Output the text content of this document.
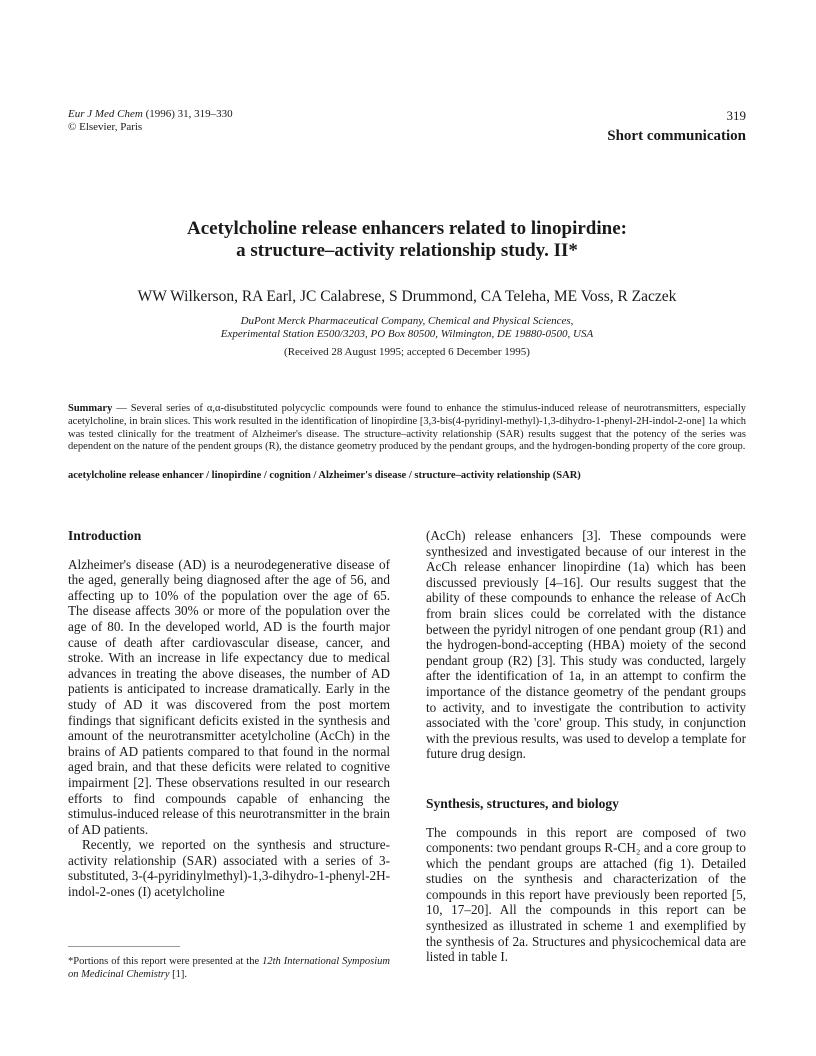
Eur J Med Chem (1996) 31, 319–330
© Elsevier, Paris
319
Short communication
Acetylcholine release enhancers related to linopirdine:
a structure–activity relationship study. II*
WW Wilkerson, RA Earl, JC Calabrese, S Drummond, CA Teleha, ME Voss, R Zaczek
DuPont Merck Pharmaceutical Company, Chemical and Physical Sciences,
Experimental Station E500/3203, PO Box 80500, Wilmington, DE 19880-0500, USA
(Received 28 August 1995; accepted 6 December 1995)
Summary — Several series of α,α-disubstituted polycyclic compounds were found to enhance the stimulus-induced release of neurotransmitters, especially acetylcholine, in brain slices. This work resulted in the identification of linopirdine [3,3-bis(4-pyridinyl-methyl)-1,3-dihydro-1-phenyl-2H-indol-2-one] 1a which was tested clinically for the treatment of Alzheimer's disease. The structure–activity relationship (SAR) results suggest that the potency of the series was dependent on the nature of the pendent groups (R), the distance geometry produced by the pendant groups, and the hydrogen-bonding property of the core group.
acetylcholine release enhancer / linopirdine / cognition / Alzheimer's disease / structure–activity relationship (SAR)
Introduction

Alzheimer's disease (AD) is a neurodegenerative disease of the aged, generally being diagnosed after the age of 56, and affecting up to 10% of the population over the age of 65. The disease affects 30% or more of the population over the age of 80. In the developed world, AD is the fourth major cause of death after cardiovascular disease, cancer, and stroke. With an increase in life expectancy due to medical advances in treating the above diseases, the number of AD patients is anticipated to increase dramatically. Early in the study of AD it was discovered from the post mortem findings that significant deficits existed in the synthesis and amount of the neurotransmitter acetylcholine (AcCh) in the brains of AD patients compared to that found in the normal aged brain, and that these deficits were related to cognitive impairment [2]. These observations resulted in our research efforts to find compounds capable of enhancing the stimulus-induced release of this neurotransmitter in the brain of AD patients.

Recently, we reported on the synthesis and structure-activity relationship (SAR) associated with a series of 3-substituted, 3-(4-pyridinylmethyl)-1,3-dihydro-1-phenyl-2H-indol-2-ones (I) acetylcholine

(AcCh) release enhancers [3]. These compounds were synthesized and investigated because of our interest in the AcCh release enhancer linopirdine (1a) which has been discussed previously [4–16]. Our results suggest that the ability of these compounds to enhance the release of AcCh from brain slices could be correlated with the distance between the pyridyl nitrogen of one pendant group (R1) and the hydrogen-bond-accepting (HBA) moiety of the second pendant group (R2) [3]. This study was conducted, largely after the identification of 1a, in an attempt to confirm the importance of the distance geometry of the pendant groups to activity, and to investigate the contribution to activity associated with the 'core' group. This study, in conjunction with the previous results, was used to develop a template for future drug design.

Synthesis, structures, and biology

The compounds in this report are composed of two components: two pendant groups R-CH₂ and a core group to which the pendant groups are attached (fig 1). Detailed studies on the synthesis and characterization of the compounds in this report have previously been reported [5, 10, 17–20]. All the compounds in this report can be synthesized as illustrated in scheme 1 and exemplified by the synthesis of 2a. Structures and physicochemical data are listed in table I.

*Portions of this report were presented at the 12th International Symposium on Medicinal Chemistry [1].
